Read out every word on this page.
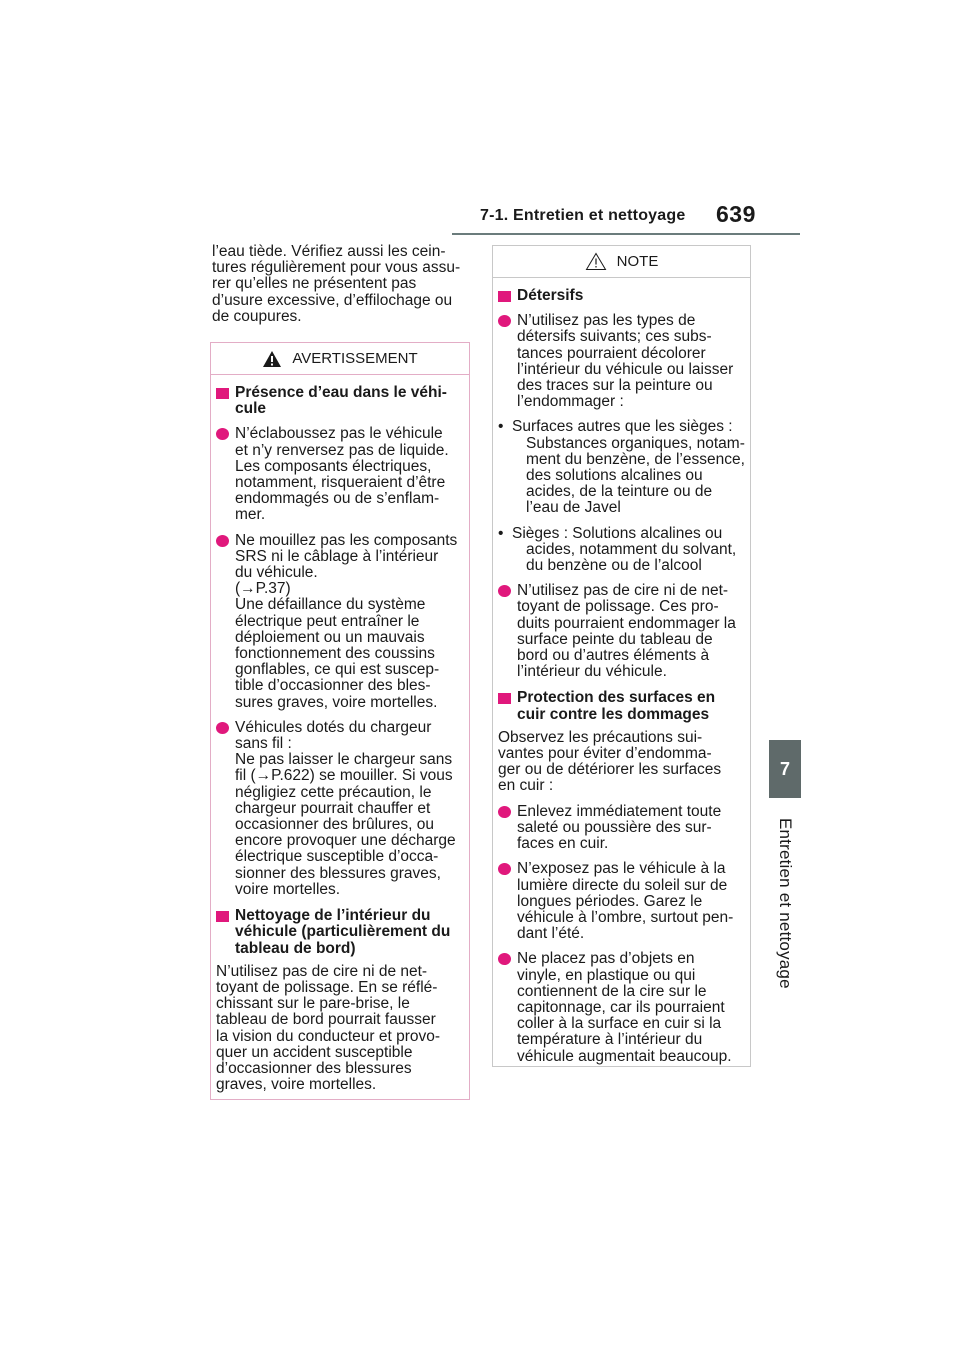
7-1. Entretien et nettoyage 639
7
Entretien et nettoyage
l’eau tiède. Vérifiez aussi les cein-
tures régulièrement pour vous assu-
rer qu’elles ne présentent pas
d’usure excessive, d’effilochage ou
de coupures.
AVERTISSEMENT
Présence d’eau dans le véhi-
cule
N’éclaboussez pas le véhicule
et n’y renversez pas de liquide.
Les composants électriques,
notamment, risqueraient d’être
endommagés ou de s’enflam-
mer.
Ne mouillez pas les composants
SRS ni le câblage à l’intérieur
du véhicule.
(→P.37)
Une défaillance du système
électrique peut entraîner le
déploiement ou un mauvais
fonctionnement des coussins
gonflables, ce qui est suscep-
tible d’occasionner des bles-
sures graves, voire mortelles.
Véhicules dotés du chargeur
sans fil :
Ne pas laisser le chargeur sans
fil (→P.622) se mouiller. Si vous
négligiez cette précaution, le
chargeur pourrait chauffer et
occasionner des brûlures, ou
encore provoquer une décharge
électrique susceptible d’occa-
sionner des blessures graves,
voire mortelles.
Nettoyage de l’intérieur du
véhicule (particulièrement du
tableau de bord)
N’utilisez pas de cire ni de net-
toyant de polissage. En se réflé-
chissant sur le pare-brise, le
tableau de bord pourrait fausser
la vision du conducteur et provo-
quer un accident susceptible
d’occasionner des blessures
graves, voire mortelles.
NOTE
Détersifs
N’utilisez pas les types de
détersifs suivants; ces subs-
tances pourraient décolorer
l’intérieur du véhicule ou laisser
des traces sur la peinture ou
l’endommager :
• Surfaces autres que les sièges :
Substances organiques, notam-
ment du benzène, de l’essence,
des solutions alcalines ou
acides, de la teinture ou de
l’eau de Javel
• Sièges : Solutions alcalines ou
acides, notamment du solvant,
du benzène ou de l’alcool
N’utilisez pas de cire ni de net-
toyant de polissage. Ces pro-
duits pourraient endommager la
surface peinte du tableau de
bord ou d’autres éléments à
l’intérieur du véhicule.
Protection des surfaces en
cuir contre les dommages
Observez les précautions sui-
vantes pour éviter d’endomma-
ger ou de détériorer les surfaces
en cuir :
Enlevez immédiatement toute
saleté ou poussière des sur-
faces en cuir.
N’exposez pas le véhicule à la
lumière directe du soleil sur de
longues périodes. Garez le
véhicule à l’ombre, surtout pen-
dant l’été.
Ne placez pas d’objets en
vinyle, en plastique ou qui
contiennent de la cire sur le
capitonnage, car ils pourraient
coller à la surface en cuir si la
température à l’intérieur du
véhicule augmentait beaucoup.
